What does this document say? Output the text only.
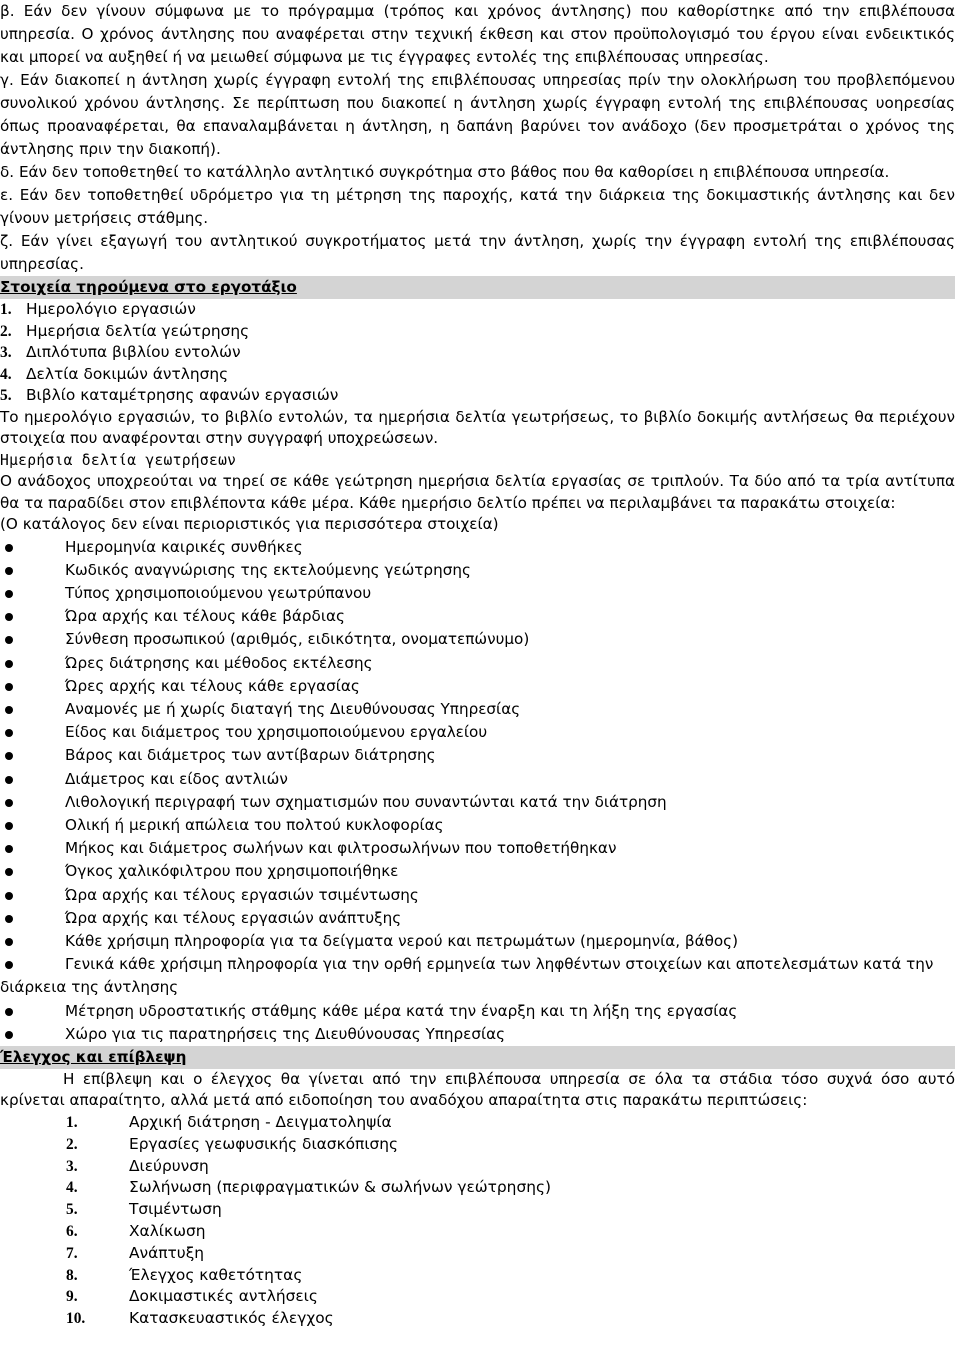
β. Εάν δεν γίνουν σύμφωνα με το πρόγραμμα (τρόπος και χρόνος άντλησης) που καθορίστηκε από την επιβλέπουσα υπηρεσία. Ο χρόνος άντλησης που αναφέρεται στην τεχνική έκθεση και στον προϋπολογισμό του έργου είναι ενδεικτικός και μπορεί να αυξηθεί ή να μειωθεί σύμφωνα με τις έγγραφες εντολές της επιβλέπουσας υπηρεσίας.

γ. Εάν διακοπεί η άντληση χωρίς έγγραφη εντολή της επιβλέπουσας υπηρεσίας πρίν την ολοκλήρωση του προβλεπόμενου συνολικού χρόνου άντλησης. Σε περίπτωση που διακοπεί η άντληση χωρίς έγγραφη εντολή της επιβλέπουσας υοηρεσίας όπως προαναφέρεται, θα επαναλαμβάνεται η άντληση, η δαπάνη βαρύνει τον ανάδοχο (δεν προσμετράται ο χρόνος της άντλησης πριν την διακοπή).

δ. Εάν δεν τοποθετηθεί το κατάλληλο αντλητικό συγκρότημα στο βάθος που θα καθορίσει η επιβλέπουσα υπηρεσία.

ε. Εάν δεν τοποθετηθεί υδρόμετρο για τη μέτρηση της παροχής, κατά την διάρκεια της δοκιμαστικής άντλησης και δεν γίνουν μετρήσεις στάθμης.

ζ. Εάν γίνει εξαγωγή του αντλητικού συγκροτήματος μετά την άντληση, χωρίς την έγγραφη εντολή της επιβλέπουσας υπηρεσίας.

Στοιχεία τηρούμενα στο εργοτάξιο
1. Ημερολόγιο εργασιών
2. Ημερήσια δελτία γεώτρησης
3. Διπλότυπα βιβλίου εντολών
4. Δελτία δοκιμών άντλησης
5. Βιβλίο καταμέτρησης αφανών εργασιών

Το ημερολόγιο εργασιών, το βιβλίο εντολών, τα ημερήσια δελτία γεωτρήσεως, το βιβλίο δοκιμής αντλήσεως θα περιέχουν στοιχεία που αναφέρονται στην συγγραφή υποχρεώσεων.

Ημερήσια δελτία γεωτρήσεων

Ο ανάδοχος υποχρεούται να τηρεί σε κάθε γεώτρηση ημερήσια δελτία εργασίας σε τριπλούν. Τα δύο από τα τρία αντίτυπα θα τα παραδίδει στον επιβλέποντα κάθε μέρα. Κάθε ημερήσιο δελτίο πρέπει να περιλαμβάνει τα παρακάτω στοιχεία:

(Ο κατάλογος δεν είναι περιοριστικός για περισσότερα στοιχεία)

Ημερομηνία καιρικές συνθήκες
Κωδικός αναγνώρισης της εκτελούμενης γεώτρησης
Τύπος χρησιμοποιούμενου γεωτρύπανου
Ώρα αρχής και τέλους κάθε βάρδιας
Σύνθεση προσωπικού (αριθμός, ειδικότητα, ονοματεπώνυμο)
Ώρες διάτρησης και μέθοδος εκτέλεσης
Ώρες αρχής και τέλους κάθε εργασίας
Αναμονές με ή χωρίς διαταγή της Διευθύνουσας Υπηρεσίας
Είδος και διάμετρος του χρησιμοποιούμενου εργαλείου
Βάρος και διάμετρος των αντίβαρων διάτρησης
Διάμετρος και είδος αντλιών
Λιθολογική περιγραφή των σχηματισμών που συναντώνται κατά την διάτρηση
Ολική ή μερική απώλεια του πολτού κυκλοφορίας
Μήκος και διάμετρος σωλήνων και φιλτροσωλήνων που τοποθετήθηκαν
Όγκος χαλικόφιλτρου που χρησιμοποιήθηκε
Ώρα αρχής και τέλους εργασιών τσιμέντωσης
Ώρα αρχής και τέλους εργασιών ανάπτυξης
Κάθε χρήσιμη πληροφορία για τα δείγματα νερού και πετρωμάτων (ημερομηνία, βάθος)
Γενικά κάθε χρήσιμη πληροφορία για την ορθή ερμηνεία των ληφθέντων στοιχείων και αποτελεσμάτων κατά την διάρκεια της άντλησης
Μέτρηση υδροστατικής στάθμης κάθε μέρα κατά την έναρξη και τη λήξη της εργασίας
Χώρο για τις παρατηρήσεις της Διευθύνουσας Υπηρεσίας
Έλεγχος και επίβλεψη

Η επίβλεψη και ο έλεγχος θα γίνεται από την επιβλέπουσα υπηρεσία σε όλα τα στάδια τόσο συχνά όσο αυτό κρίνεται απαραίτητο, αλλά μετά από ειδοποίηση του αναδόχου απαραίτητα στις παρακάτω περιπτώσεις:

1.	Αρχική διάτρηση - Δειγματοληψία
2.	Εργασίες γεωφυσικής διασκόπισης
3.	Διεύρυνση
4.	Σωλήνωση (περιφραγματικών & σωλήνων γεώτρησης)
5.	Τσιμέντωση
6.	Χαλίκωση
7.	Ανάπτυξη
8.	Έλεγχος καθετότητας
9.	Δοκιμαστικές αντλήσεις
10.	Κατασκευαστικός έλεγχος
